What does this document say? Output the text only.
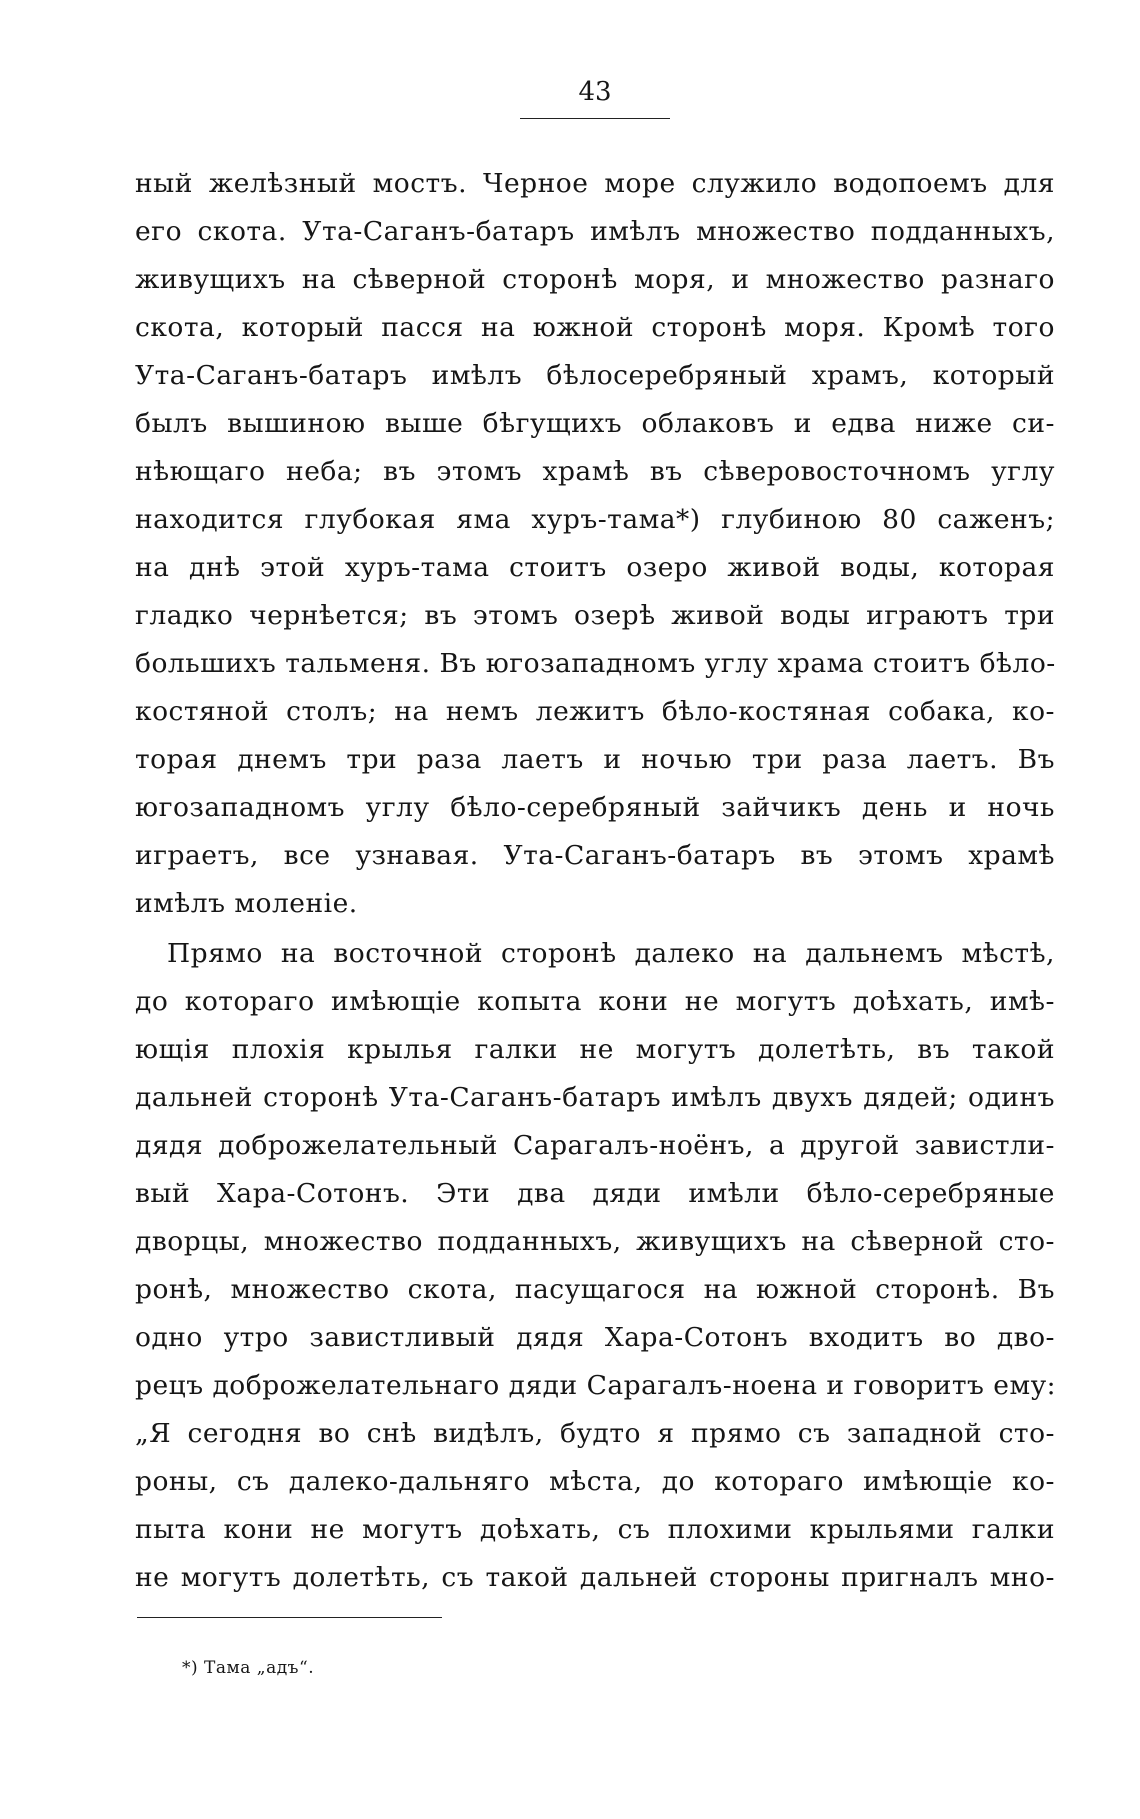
43
ный желѣзный мостъ. Черное море служило водопоемъ для
его скота. Ута-Саганъ-батаръ имѣлъ множество подданныхъ,
живущихъ на сѣверной сторонѣ моря, и множество разнаго
скота, который пасся на южной сторонѣ моря. Кромѣ того
Ута-Саганъ-батаръ имѣлъ бѣлосеребряный храмъ, который
былъ вышиною выше бѣгущихъ облаковъ и едва ниже си-
нѣющаго неба; въ этомъ храмѣ въ сѣверовосточномъ углу
находится глубокая яма хуръ-тама*) глубиною 80 саженъ;
на днѣ этой хуръ-тама стоитъ озеро живой воды, которая
гладко чернѣется; въ этомъ озерѣ живой воды играютъ три
большихъ тальменя. Въ югозападномъ углу храма стоитъ бѣло-
костяной столъ; на немъ лежитъ бѣло-костяная собака, ко-
торая днемъ три раза лаетъ и ночью три раза лаетъ. Въ
югозападномъ углу бѣло-серебряный зайчикъ день и ночь
играетъ, все узнавая. Ута-Саганъ-батаръ въ этомъ храмѣ
имѣлъ моленіе.
Прямо на восточной сторонѣ далеко на дальнемъ мѣстѣ,
до котораго имѣющіе копыта кони не могутъ доѣхать, имѣ-
ющія плохія крылья галки не могутъ долетѣть, въ такой
дальней сторонѣ Ута-Саганъ-батаръ имѣлъ двухъ дядей; одинъ
дядя доброжелательный Сарагалъ-ноёнъ, а другой завистли-
вый Хара-Сотонъ. Эти два дяди имѣли бѣло-серебряные
дворцы, множество подданныхъ, живущихъ на сѣверной сто-
ронѣ, множество скота, пасущагося на южной сторонѣ. Въ
одно утро завистливый дядя Хара-Сотонъ входитъ во дво-
рецъ доброжелательнаго дяди Сарагалъ-ноена и говоритъ ему:
„Я сегодня во снѣ видѣлъ, будто я прямо съ западной сто-
роны, съ далеко-дальняго мѣста, до котораго имѣющіе ко-
пыта кони не могутъ доѣхать, съ плохими крыльями галки
не могутъ долетѣть, съ такой дальней стороны пригналъ мно-
*) Тама „адъ“.
